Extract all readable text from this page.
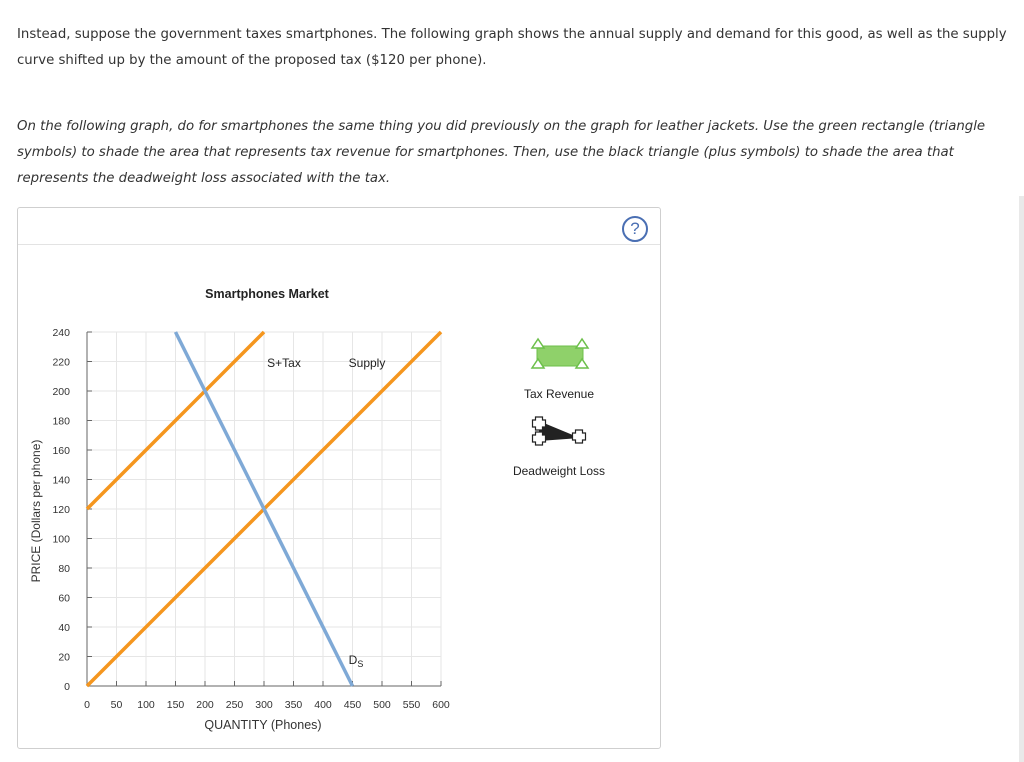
Instead, suppose the government taxes smartphones. The following graph shows the annual supply and demand for this good, as well as the supply curve shifted up by the amount of the proposed tax ($120 per phone).

On the following graph, do for smartphones the same thing you did previously on the graph for leather jackets. Use the green rectangle (triangle symbols) to shade the area that represents tax revenue for smartphones. Then, use the black triangle (plus symbols) to shade the area that represents the deadweight loss associated with the tax.

?
0 50 100 150 200 250 300 350 400 450 500 550 600
0
20
40
60
80
100
120
140
160
180
200
220
240
Supply
S+Tax
$D_S$
Smartphones Market
QUANTITY (Phones)
PRICE (Dollars per phone)
Tax Revenue
Deadweight Loss
